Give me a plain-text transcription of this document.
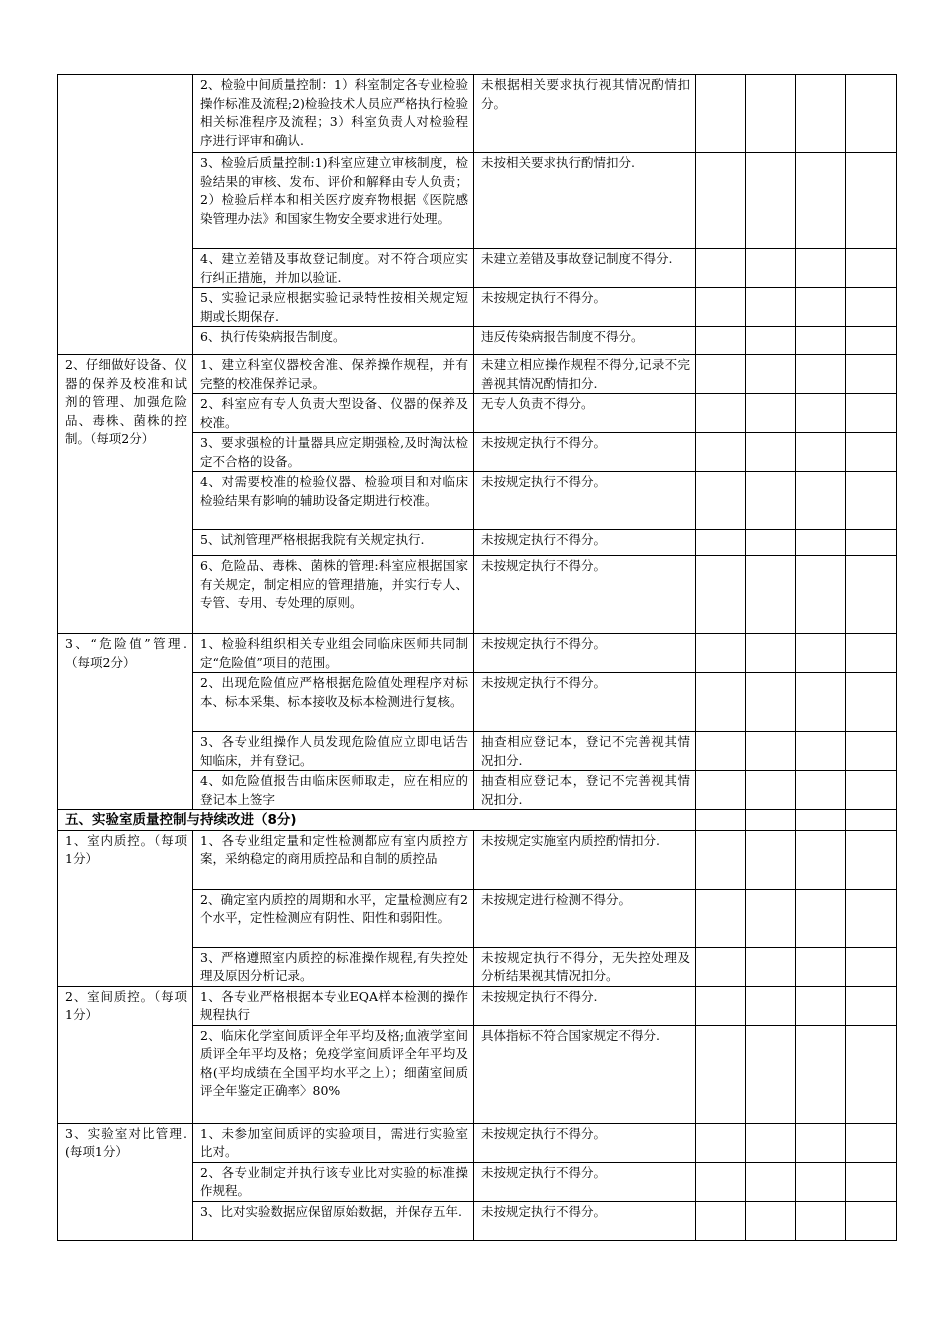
	2、检验中间质量控制：1）科室制定各专业检验操作标准及流程;2)检验技术人员应严格执行检验相关标准程序及流程；3）科室负责人对检验程序进行评审和确认.	未根据相关要求执行视其情况酌情扣分。				
	3、检验后质量控制:1)科室应建立审核制度，检验结果的审核、发布、评价和解释由专人负责；2）检验后样本和相关医疗废弃物根据《医院感染管理办法》和国家生物安全要求进行处理。	未按相关要求执行酌情扣分.				
	4、建立差错及事故登记制度。对不符合项应实行纠正措施，并加以验证.	未建立差错及事故登记制度不得分.				
	5、实验记录应根据实验记录特性按相关规定短期或长期保存.	未按规定执行不得分。				
	6、执行传染病报告制度。	违反传染病报告制度不得分。				
2、仔细做好设备、仪器的保养及校准和试剂的管理、加强危险品、毒株、菌株的控制。（每项2分）	1、建立科室仪器校舍准、保养操作规程，并有完整的校准保养记录。	未建立相应操作规程不得分,记录不完善视其情况酌情扣分.				
	2、科室应有专人负责大型设备、仪器的保养及校准。	无专人负责不得分。				
	3、要求强检的计量器具应定期强检,及时淘汰检定不合格的设备。	未按规定执行不得分。				
	4、对需要校准的检验仪器、检验项目和对临床检验结果有影响的辅助设备定期进行校准。	未按规定执行不得分。				
	5、试剂管理严格根据我院有关规定执行.	未按规定执行不得分。				
	6、危险品、毒株、菌株的管理:科室应根据国家有关规定，制定相应的管理措施，并实行专人、专管、专用、专处理的原则。	未按规定执行不得分。				
3、“危险值”管理.（每项2分）	1、检验科组织相关专业组会同临床医师共同制定“危险值”项目的范围。	未按规定执行不得分。				
	2、出现危险值应严格根据危险值处理程序对标本、标本采集、标本接收及标本检测进行复核。	未按规定执行不得分。				
	3、各专业组操作人员发现危险值应立即电话告知临床，并有登记。	抽查相应登记本，登记不完善视其情况扣分.				
	4、如危险值报告由临床医师取走，应在相应的登记本上签字	抽查相应登记本，登记不完善视其情况扣分.				
五、实验室质量控制与持续改进（8分)						
1、室内质控。（每项1分）	1、各专业组定量和定性检测都应有室内质控方案，采纳稳定的商用质控品和自制的质控品	未按规定实施室内质控酌情扣分.				
	2、确定室内质控的周期和水平，定量检测应有2个水平，定性检测应有阴性、阳性和弱阳性。	未按规定进行检测不得分。				
	3、严格遵照室内质控的标准操作规程,有失控处理及原因分析记录。	未按规定执行不得分，无失控处理及分析结果视其情况扣分。				
2、室间质控。（每项1分）	1、各专业严格根据本专业EQA样本检测的操作规程执行	未按规定执行不得分.				
	2、临床化学室间质评全年平均及格;血液学室间质评全年平均及格；免疫学室间质评全年平均及格(平均成绩在全国平均水平之上）；细菌室间质评全年鉴定正确率〉80%	具体指标不符合国家规定不得分.				
3、实验室对比管理.(每项1分）	1、未参加室间质评的实验项目，需进行实验室比对。	未按规定执行不得分。				
	2、各专业制定并执行该专业比对实验的标准操作规程。	未按规定执行不得分。				
	3、比对实验数据应保留原始数据，并保存五年.	未按规定执行不得分。				
